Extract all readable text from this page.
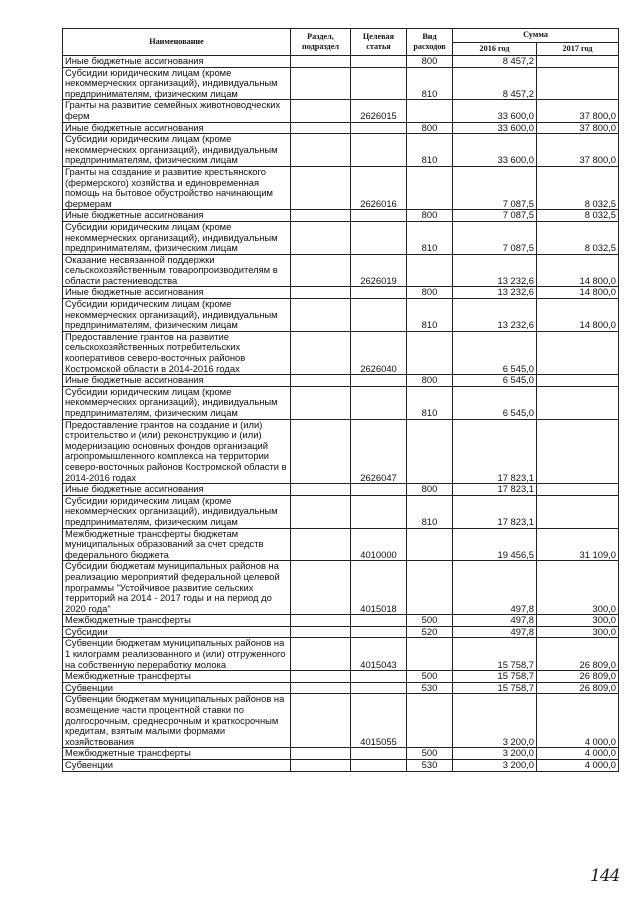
Наименование	Раздел, подраздел	Целевая статья	Вид расходов	Сумма	
				2016 год	2017 год
Иные бюджетные ассигнования			800	8 457,2	
Субсидии юридическим лицам (кроме некоммерческих организаций), индивидуальным предпринимателям, физическим лицам			810	8 457,2	
Гранты на развитие семейных животноводческих ферм		2626015		33 600,0	37 800,0
Иные бюджетные ассигнования			800	33 600,0	37 800,0
Субсидии юридическим лицам (кроме некоммерческих организаций), индивидуальным предпринимателям, физическим лицам			810	33 600,0	37 800,0
Гранты на создание и развитие крестьянского (фермерского) хозяйства и единовременная помощь на бытовое обустройство начинающим фермерам		2626016		7 087,5	8 032,5
Иные бюджетные ассигнования			800	7 087,5	8 032,5
Субсидии юридическим лицам (кроме некоммерческих организаций), индивидуальным предпринимателям, физическим лицам			810	7 087,5	8 032,5
Оказание несвязанной поддержки сельскохозяйственным товаропроизводителям в области растениеводства		2626019		13 232,6	14 800,0
Иные бюджетные ассигнования			800	13 232,6	14 800,0
Субсидии юридическим лицам (кроме некоммерческих организаций), индивидуальным предпринимателям, физическим лицам			810	13 232,6	14 800,0
Предоставление грантов на развитие сельскохозяйственных потребительских кооперативов северо-восточных районов Костромской области в 2014-2016 годах		2626040		6 545,0	
Иные бюджетные ассигнования			800	6 545,0	
Субсидии юридическим лицам (кроме некоммерческих организаций), индивидуальным предпринимателям, физическим лицам			810	6 545,0	
Предоставление грантов на создание и (или) строительство и (или) реконструкцию и (или) модернизацию основных фондов организаций агропромышленного комплекса на территории северо-восточных районов Костромской области в 2014-2016 годах		2626047		17 823,1	
Иные бюджетные ассигнования			800	17 823,1	
Субсидии юридическим лицам (кроме некоммерческих организаций), индивидуальным предпринимателям, физическим лицам			810	17 823,1	
Межбюджетные трансферты бюджетам муниципальных образований за счет средств федерального бюджета		4010000		19 456,5	31 109,0
Субсидии бюджетам муниципальных районов на реализацию мероприятий федеральной целевой программы "Устойчивое развитие сельских территорий на 2014 - 2017 годы и на период до 2020 года"		4015018		497,8	300,0
Межбюджетные трансферты			500	497,8	300,0
Субсидии			520	497,8	300,0
Субвенции бюджетам муниципальных районов на 1 килограмм реализованного и (или) отгруженного на собственную переработку молока		4015043		15 758,7	26 809,0
Межбюджетные трансферты			500	15 758,7	26 809,0
Субвенции			530	15 758,7	26 809,0
Субвенции бюджетам муниципальных районов на возмещение части процентной ставки по долгосрочным, среднесрочным и краткосрочным кредитам, взятым малыми формами хозяйствования		4015055		3 200,0	4 000,0
Межбюджетные трансферты			500	3 200,0	4 000,0
Субвенции			530	3 200,0	4 000,0
144
